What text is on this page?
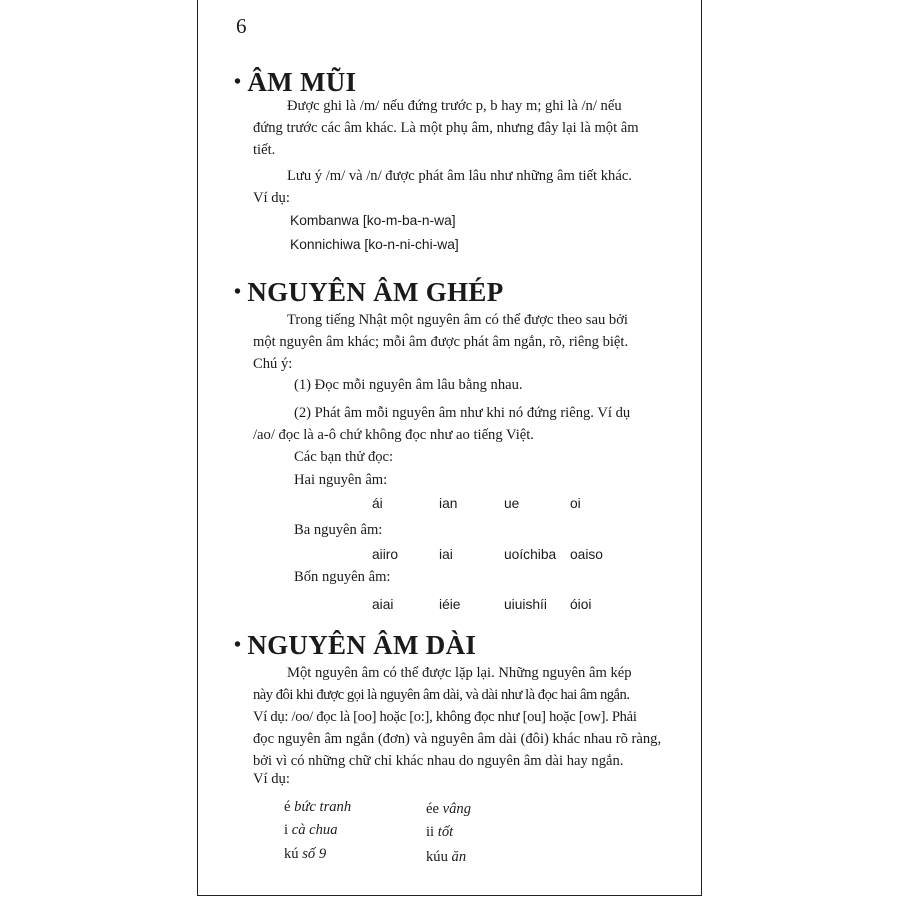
6
• ÂM MŨI
Được ghi là /m/ nếu đứng trước p, b hay m; ghi là /n/ nếu
đứng trước các âm khác. Là một phụ âm, nhưng đây lại là một âm
tiết.
Lưu ý /m/ và /n/ được phát âm lâu như những âm tiết khác.
Ví dụ:
Kombanwa [ko-m-ba-n-wa]
Konnichiwa [ko-n-ni-chi-wa]
• NGUYÊN ÂM GHÉP
Trong tiếng Nhật một nguyên âm có thể được theo sau bởi
một nguyên âm khác; mỗi âm được phát âm ngắn, rõ, riêng biệt.
Chú ý:
(1) Đọc mỗi nguyên âm lâu bằng nhau.
(2) Phát âm mỗi nguyên âm như khi nó đứng riêng. Ví dụ
/ao/ đọc là a-ô chứ không đọc như ao tiếng Việt.
Các bạn thử đọc:
Hai nguyên âm:
ái	ian	ue	oi
Ba nguyên âm:
aiiro	iai	uoíchiba oaiso
Bốn nguyên âm:
aiai	iéie	uiuishíi óioi
• NGUYÊN ÂM DÀI
Một nguyên âm có thể được lặp lại. Những nguyên âm kép
này đôi khi được gọi là nguyên âm dài, và dài như là đọc hai âm ngắn.
Ví dụ: /oo/ đọc là [oo] hoặc [o:], không đọc như [ou] hoặc [ow]. Phải
đọc nguyên âm ngắn (đơn) và nguyên âm dài (đôi) khác nhau rõ ràng,
bởi vì có những chữ chỉ khác nhau do nguyên âm dài hay ngắn.
Ví dụ:
é bức tranh	ée vâng
i cà chua	ii tốt
kú số 9	kúu ăn
